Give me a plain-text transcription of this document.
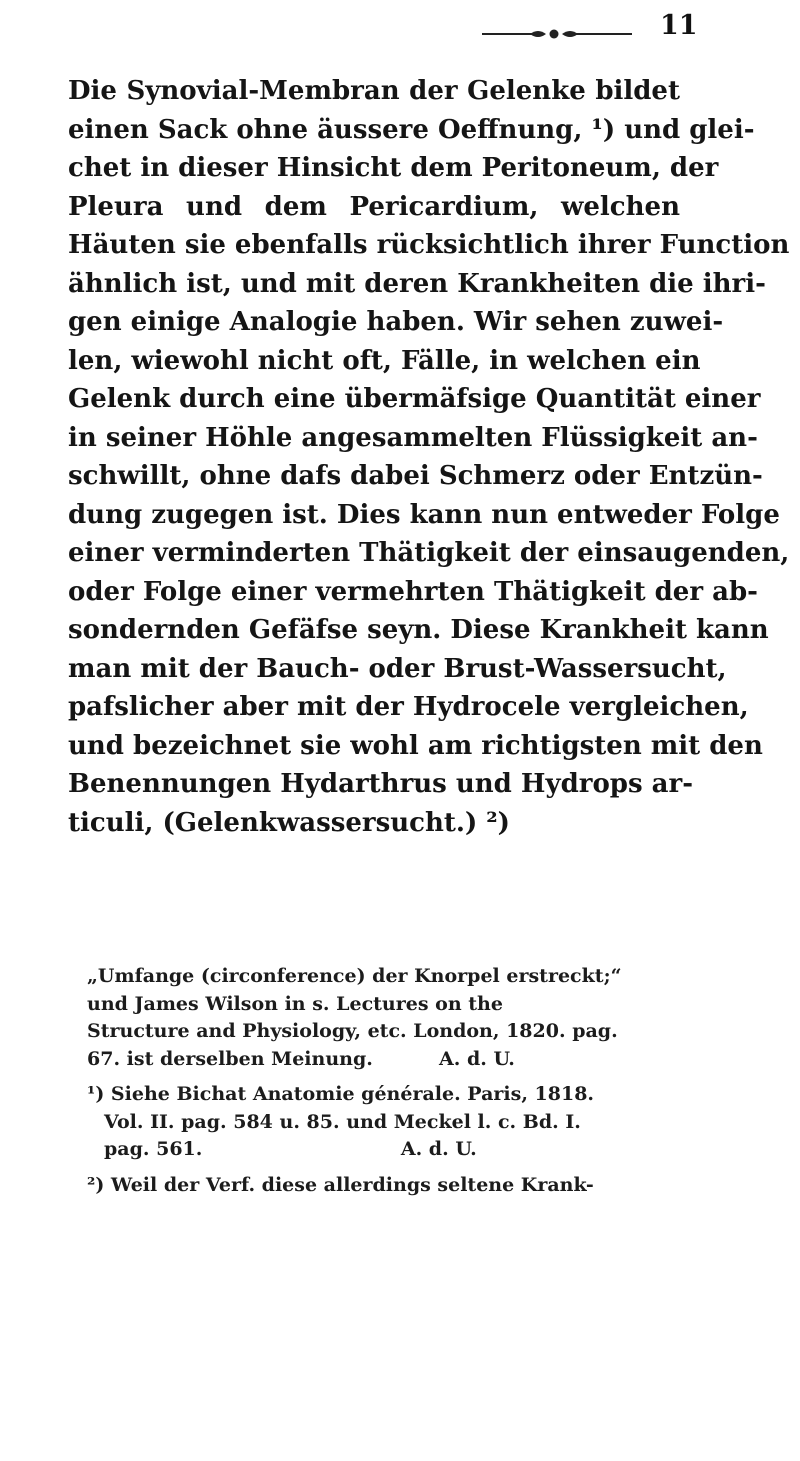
11
Die Synovial-Membran der Gelenke bildet
einen Sack ohne äussere Oeffnung, ¹) und glei-
chet in dieser Hinsicht dem Peritoneum, der
Pleura und dem Pericardium, welchen
Häuten sie ebenfalls rücksichtlich ihrer Function
ähnlich ist, und mit deren Krankheiten die ihri-
gen einige Analogie haben. Wir sehen zuwei-
len, wiewohl nicht oft, Fälle, in welchen ein
Gelenk durch eine übermäfsige Quantität einer
in seiner Höhle angesammelten Flüssigkeit an-
schwillt, ohne dafs dabei Schmerz oder Entzün-
dung zugegen ist. Dies kann nun entweder Folge
einer verminderten Thätigkeit der einsaugenden,
oder Folge einer vermehrten Thätigkeit der ab-
sondernden Gefäfse seyn. Diese Krankheit kann
man mit der Bauch- oder Brust-Wassersucht,
pafslicher aber mit der Hydrocele vergleichen,
und bezeichnet sie wohl am richtigsten mit den
Benennungen Hydarthrus und Hydrops ar-
ticuli, (Gelenkwassersucht.) ²)
„Umfange (circonference) der Knorpel erstreckt;“
und James Wilson in s. Lectures on the
Structure and Physiology, etc. London, 1820. pag.
67. ist derselben Meinung.          A. d. U.
¹) Siehe Bichat Anatomie générale. Paris, 1818.
Vol. II. pag. 584 u. 85. und Meckel l. c. Bd. I.
pag. 561.                              A. d. U.
²) Weil der Verf. diese allerdings seltene Krank-
